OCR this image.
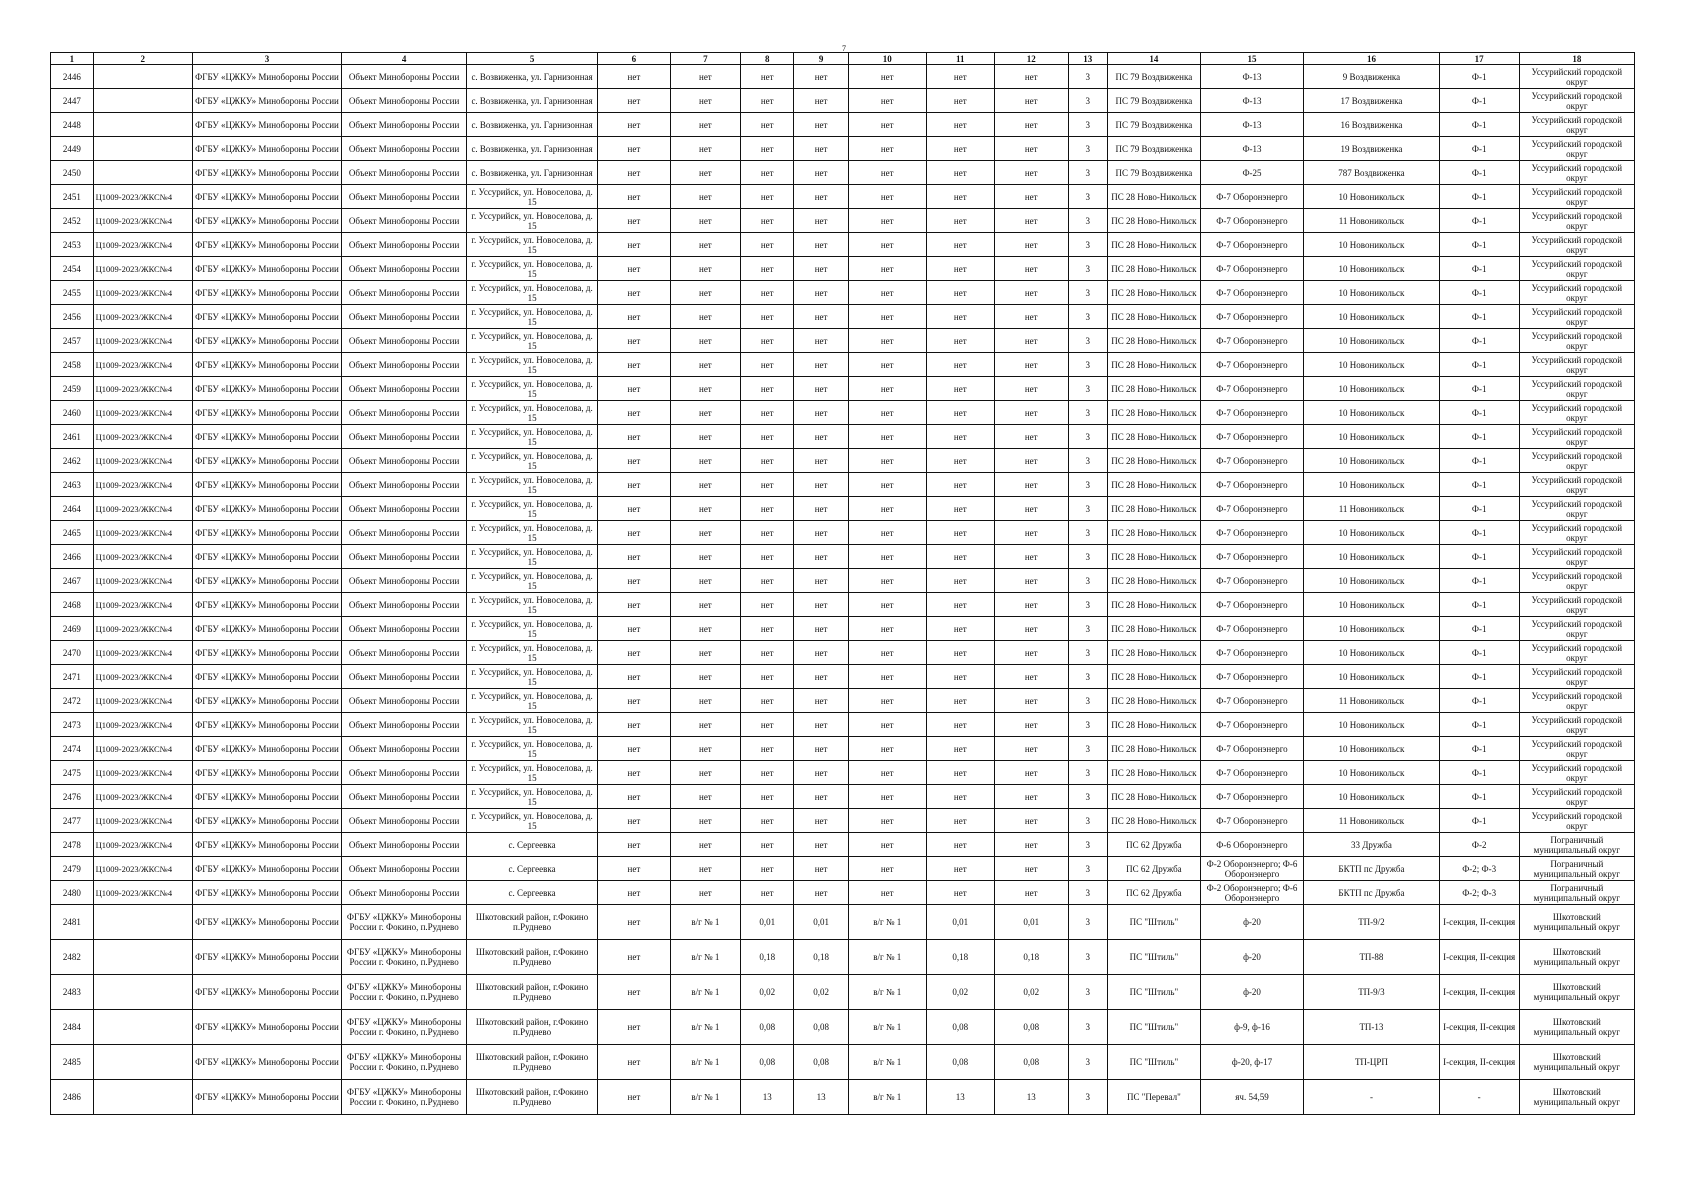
7
1	2	3	4	5	6	7	8	9	10	11	12	13	14	15	16	17	18
2446		ФГБУ «ЦЖКУ» Минобороны России	Объект Минобороны России	с. Возвиженка, ул. Гарнизонная	нет	нет	нет	нет	нет	нет	нет	3	ПС 79 Воздвиженка	Ф-13	9 Воздвиженка	Ф-1	Уссурийский городской округ
2447		ФГБУ «ЦЖКУ» Минобороны России	Объект Минобороны России	с. Возвиженка, ул. Гарнизонная	нет	нет	нет	нет	нет	нет	нет	3	ПС 79 Воздвиженка	Ф-13	17 Воздвиженка	Ф-1	Уссурийский городской округ
2448		ФГБУ «ЦЖКУ» Минобороны России	Объект Минобороны России	с. Возвиженка, ул. Гарнизонная	нет	нет	нет	нет	нет	нет	нет	3	ПС 79 Воздвиженка	Ф-13	16 Воздвиженка	Ф-1	Уссурийский городской округ
2449		ФГБУ «ЦЖКУ» Минобороны России	Объект Минобороны России	с. Возвиженка, ул. Гарнизонная	нет	нет	нет	нет	нет	нет	нет	3	ПС 79 Воздвиженка	Ф-13	19 Воздвиженка	Ф-1	Уссурийский городской округ
2450		ФГБУ «ЦЖКУ» Минобороны России	Объект Минобороны России	с. Возвиженка, ул. Гарнизонная	нет	нет	нет	нет	нет	нет	нет	3	ПС 79 Воздвиженка	Ф-25	787 Воздвиженка	Ф-1	Уссурийский городской округ
2451	Ц1009-2023/ЖКС№4	ФГБУ «ЦЖКУ» Минобороны России	Объект Минобороны России	г. Уссурийск, ул. Новоселова, д. 15	нет	нет	нет	нет	нет	нет	нет	3	ПС 28 Ново-Никольск	Ф-7 Оборонэнерго	10 Новоникольск	Ф-1	Уссурийский городской округ
2452	Ц1009-2023/ЖКС№4	ФГБУ «ЦЖКУ» Минобороны России	Объект Минобороны России	г. Уссурийск, ул. Новоселова, д. 15	нет	нет	нет	нет	нет	нет	нет	3	ПС 28 Ново-Никольск	Ф-7 Оборонэнерго	11 Новоникольск	Ф-1	Уссурийский городской округ
2453	Ц1009-2023/ЖКС№4	ФГБУ «ЦЖКУ» Минобороны России	Объект Минобороны России	г. Уссурийск, ул. Новоселова, д. 15	нет	нет	нет	нет	нет	нет	нет	3	ПС 28 Ново-Никольск	Ф-7 Оборонэнерго	10 Новоникольск	Ф-1	Уссурийский городской округ
2454	Ц1009-2023/ЖКС№4	ФГБУ «ЦЖКУ» Минобороны России	Объект Минобороны России	г. Уссурийск, ул. Новоселова, д. 15	нет	нет	нет	нет	нет	нет	нет	3	ПС 28 Ново-Никольск	Ф-7 Оборонэнерго	10 Новоникольск	Ф-1	Уссурийский городской округ
2455	Ц1009-2023/ЖКС№4	ФГБУ «ЦЖКУ» Минобороны России	Объект Минобороны России	г. Уссурийск, ул. Новоселова, д. 15	нет	нет	нет	нет	нет	нет	нет	3	ПС 28 Ново-Никольск	Ф-7 Оборонэнерго	10 Новоникольск	Ф-1	Уссурийский городской округ
2456	Ц1009-2023/ЖКС№4	ФГБУ «ЦЖКУ» Минобороны России	Объект Минобороны России	г. Уссурийск, ул. Новоселова, д. 15	нет	нет	нет	нет	нет	нет	нет	3	ПС 28 Ново-Никольск	Ф-7 Оборонэнерго	10 Новоникольск	Ф-1	Уссурийский городской округ
2457	Ц1009-2023/ЖКС№4	ФГБУ «ЦЖКУ» Минобороны России	Объект Минобороны России	г. Уссурийск, ул. Новоселова, д. 15	нет	нет	нет	нет	нет	нет	нет	3	ПС 28 Ново-Никольск	Ф-7 Оборонэнерго	10 Новоникольск	Ф-1	Уссурийский городской округ
2458	Ц1009-2023/ЖКС№4	ФГБУ «ЦЖКУ» Минобороны России	Объект Минобороны России	г. Уссурийск, ул. Новоселова, д. 15	нет	нет	нет	нет	нет	нет	нет	3	ПС 28 Ново-Никольск	Ф-7 Оборонэнерго	10 Новоникольск	Ф-1	Уссурийский городской округ
2459	Ц1009-2023/ЖКС№4	ФГБУ «ЦЖКУ» Минобороны России	Объект Минобороны России	г. Уссурийск, ул. Новоселова, д. 15	нет	нет	нет	нет	нет	нет	нет	3	ПС 28 Ново-Никольск	Ф-7 Оборонэнерго	10 Новоникольск	Ф-1	Уссурийский городской округ
2460	Ц1009-2023/ЖКС№4	ФГБУ «ЦЖКУ» Минобороны России	Объект Минобороны России	г. Уссурийск, ул. Новоселова, д. 15	нет	нет	нет	нет	нет	нет	нет	3	ПС 28 Ново-Никольск	Ф-7 Оборонэнерго	10 Новоникольск	Ф-1	Уссурийский городской округ
2461	Ц1009-2023/ЖКС№4	ФГБУ «ЦЖКУ» Минобороны России	Объект Минобороны России	г. Уссурийск, ул. Новоселова, д. 15	нет	нет	нет	нет	нет	нет	нет	3	ПС 28 Ново-Никольск	Ф-7 Оборонэнерго	10 Новоникольск	Ф-1	Уссурийский городской округ
2462	Ц1009-2023/ЖКС№4	ФГБУ «ЦЖКУ» Минобороны России	Объект Минобороны России	г. Уссурийск, ул. Новоселова, д. 15	нет	нет	нет	нет	нет	нет	нет	3	ПС 28 Ново-Никольск	Ф-7 Оборонэнерго	10 Новоникольск	Ф-1	Уссурийский городской округ
2463	Ц1009-2023/ЖКС№4	ФГБУ «ЦЖКУ» Минобороны России	Объект Минобороны России	г. Уссурийск, ул. Новоселова, д. 15	нет	нет	нет	нет	нет	нет	нет	3	ПС 28 Ново-Никольск	Ф-7 Оборонэнерго	10 Новоникольск	Ф-1	Уссурийский городской округ
2464	Ц1009-2023/ЖКС№4	ФГБУ «ЦЖКУ» Минобороны России	Объект Минобороны России	г. Уссурийск, ул. Новоселова, д. 15	нет	нет	нет	нет	нет	нет	нет	3	ПС 28 Ново-Никольск	Ф-7 Оборонэнерго	11 Новоникольск	Ф-1	Уссурийский городской округ
2465	Ц1009-2023/ЖКС№4	ФГБУ «ЦЖКУ» Минобороны России	Объект Минобороны России	г. Уссурийск, ул. Новоселова, д. 15	нет	нет	нет	нет	нет	нет	нет	3	ПС 28 Ново-Никольск	Ф-7 Оборонэнерго	10 Новоникольск	Ф-1	Уссурийский городской округ
2466	Ц1009-2023/ЖКС№4	ФГБУ «ЦЖКУ» Минобороны России	Объект Минобороны России	г. Уссурийск, ул. Новоселова, д. 15	нет	нет	нет	нет	нет	нет	нет	3	ПС 28 Ново-Никольск	Ф-7 Оборонэнерго	10 Новоникольск	Ф-1	Уссурийский городской округ
2467	Ц1009-2023/ЖКС№4	ФГБУ «ЦЖКУ» Минобороны России	Объект Минобороны России	г. Уссурийск, ул. Новоселова, д. 15	нет	нет	нет	нет	нет	нет	нет	3	ПС 28 Ново-Никольск	Ф-7 Оборонэнерго	10 Новоникольск	Ф-1	Уссурийский городской округ
2468	Ц1009-2023/ЖКС№4	ФГБУ «ЦЖКУ» Минобороны России	Объект Минобороны России	г. Уссурийск, ул. Новоселова, д. 15	нет	нет	нет	нет	нет	нет	нет	3	ПС 28 Ново-Никольск	Ф-7 Оборонэнерго	10 Новоникольск	Ф-1	Уссурийский городской округ
2469	Ц1009-2023/ЖКС№4	ФГБУ «ЦЖКУ» Минобороны России	Объект Минобороны России	г. Уссурийск, ул. Новоселова, д. 15	нет	нет	нет	нет	нет	нет	нет	3	ПС 28 Ново-Никольск	Ф-7 Оборонэнерго	10 Новоникольск	Ф-1	Уссурийский городской округ
2470	Ц1009-2023/ЖКС№4	ФГБУ «ЦЖКУ» Минобороны России	Объект Минобороны России	г. Уссурийск, ул. Новоселова, д. 15	нет	нет	нет	нет	нет	нет	нет	3	ПС 28 Ново-Никольск	Ф-7 Оборонэнерго	10 Новоникольск	Ф-1	Уссурийский городской округ
2471	Ц1009-2023/ЖКС№4	ФГБУ «ЦЖКУ» Минобороны России	Объект Минобороны России	г. Уссурийск, ул. Новоселова, д. 15	нет	нет	нет	нет	нет	нет	нет	3	ПС 28 Ново-Никольск	Ф-7 Оборонэнерго	10 Новоникольск	Ф-1	Уссурийский городской округ
2472	Ц1009-2023/ЖКС№4	ФГБУ «ЦЖКУ» Минобороны России	Объект Минобороны России	г. Уссурийск, ул. Новоселова, д. 15	нет	нет	нет	нет	нет	нет	нет	3	ПС 28 Ново-Никольск	Ф-7 Оборонэнерго	11 Новоникольск	Ф-1	Уссурийский городской округ
2473	Ц1009-2023/ЖКС№4	ФГБУ «ЦЖКУ» Минобороны России	Объект Минобороны России	г. Уссурийск, ул. Новоселова, д. 15	нет	нет	нет	нет	нет	нет	нет	3	ПС 28 Ново-Никольск	Ф-7 Оборонэнерго	10 Новоникольск	Ф-1	Уссурийский городской округ
2474	Ц1009-2023/ЖКС№4	ФГБУ «ЦЖКУ» Минобороны России	Объект Минобороны России	г. Уссурийск, ул. Новоселова, д. 15	нет	нет	нет	нет	нет	нет	нет	3	ПС 28 Ново-Никольск	Ф-7 Оборонэнерго	10 Новоникольск	Ф-1	Уссурийский городской округ
2475	Ц1009-2023/ЖКС№4	ФГБУ «ЦЖКУ» Минобороны России	Объект Минобороны России	г. Уссурийск, ул. Новоселова, д. 15	нет	нет	нет	нет	нет	нет	нет	3	ПС 28 Ново-Никольск	Ф-7 Оборонэнерго	10 Новоникольск	Ф-1	Уссурийский городской округ
2476	Ц1009-2023/ЖКС№4	ФГБУ «ЦЖКУ» Минобороны России	Объект Минобороны России	г. Уссурийск, ул. Новоселова, д. 15	нет	нет	нет	нет	нет	нет	нет	3	ПС 28 Ново-Никольск	Ф-7 Оборонэнерго	10 Новоникольск	Ф-1	Уссурийский городской округ
2477	Ц1009-2023/ЖКС№4	ФГБУ «ЦЖКУ» Минобороны России	Объект Минобороны России	г. Уссурийск, ул. Новоселова, д. 15	нет	нет	нет	нет	нет	нет	нет	3	ПС 28 Ново-Никольск	Ф-7 Оборонэнерго	11 Новоникольск	Ф-1	Уссурийский городской округ
2478	Ц1009-2023/ЖКС№4	ФГБУ «ЦЖКУ» Минобороны России	Объект Минобороны России	с. Сергеевка	нет	нет	нет	нет	нет	нет	нет	3	ПС 62 Дружба	Ф-6 Оборонэнерго	33 Дружба	Ф-2	Пограничный муниципальный округ
2479	Ц1009-2023/ЖКС№4	ФГБУ «ЦЖКУ» Минобороны России	Объект Минобороны России	с. Сергеевка	нет	нет	нет	нет	нет	нет	нет	3	ПС 62 Дружба	Ф-2 Оборонэнерго; Ф-6 Оборонэнерго	БКТП пс Дружба	Ф-2; Ф-3	Пограничный муниципальный округ
2480	Ц1009-2023/ЖКС№4	ФГБУ «ЦЖКУ» Минобороны России	Объект Минобороны России	с. Сергеевка	нет	нет	нет	нет	нет	нет	нет	3	ПС 62 Дружба	Ф-2 Оборонэнерго; Ф-6 Оборонэнерго	БКТП пс Дружба	Ф-2; Ф-3	Пограничный муниципальный округ
2481		ФГБУ «ЦЖКУ» Минобороны России	ФГБУ «ЦЖКУ» Минобороны России г. Фокино, п.Руднево	Шкотовский район, г.Фокино п.Руднево	нет	в/г № 1	0,01	0,01	в/г № 1	0,01	0,01	3	ПС "Штиль"	ф-20	ТП-9/2	I-секция, II-секция	Шкотовский муниципальный округ
2482		ФГБУ «ЦЖКУ» Минобороны России	ФГБУ «ЦЖКУ» Минобороны России г. Фокино, п.Руднево	Шкотовский район, г.Фокино п.Руднево	нет	в/г № 1	0,18	0,18	в/г № 1	0,18	0,18	3	ПС "Штиль"	ф-20	ТП-88	I-секция, II-секция	Шкотовский муниципальный округ
2483		ФГБУ «ЦЖКУ» Минобороны России	ФГБУ «ЦЖКУ» Минобороны России г. Фокино, п.Руднево	Шкотовский район, г.Фокино п.Руднево	нет	в/г № 1	0,02	0,02	в/г № 1	0,02	0,02	3	ПС "Штиль"	ф-20	ТП-9/3	I-секция, II-секция	Шкотовский муниципальный округ
2484		ФГБУ «ЦЖКУ» Минобороны России	ФГБУ «ЦЖКУ» Минобороны России г. Фокино, п.Руднево	Шкотовский район, г.Фокино п.Руднево	нет	в/г № 1	0,08	0,08	в/г № 1	0,08	0,08	3	ПС "Штиль"	ф-9, ф-16	ТП-13	I-секция, II-секция	Шкотовский муниципальный округ
2485		ФГБУ «ЦЖКУ» Минобороны России	ФГБУ «ЦЖКУ» Минобороны России г. Фокино, п.Руднево	Шкотовский район, г.Фокино п.Руднево	нет	в/г № 1	0,08	0,08	в/г № 1	0,08	0,08	3	ПС "Штиль"	ф-20, ф-17	ТП-ЦРП	I-секция, II-секция	Шкотовский муниципальный округ
2486		ФГБУ «ЦЖКУ» Минобороны России	ФГБУ «ЦЖКУ» Минобороны России г. Фокино, п.Руднево	Шкотовский район, г.Фокино п.Руднево	нет	в/г № 1	13	13	в/г № 1	13	13	3	ПС "Перевал"	яч. 54,59	-	-	Шкотовский муниципальный округ
